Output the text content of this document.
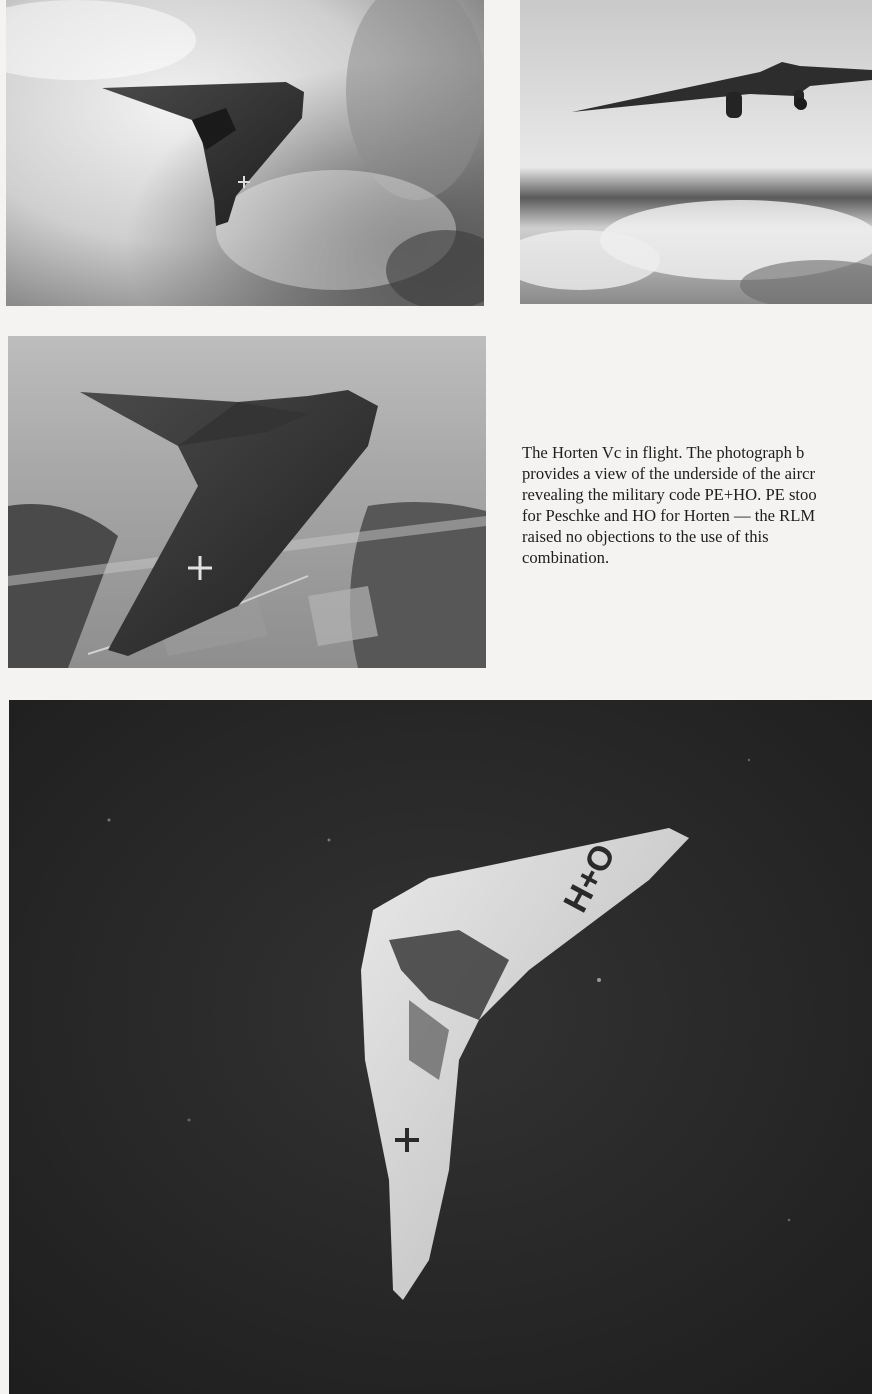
The Horten Vc in flight. The photograph b
provides a view of the underside of the aircr
revealing the military code PE+HO. PE stoo
for Peschke and HO for Horten — the RLM
raised no objections to the use of this
combination.
H+O
